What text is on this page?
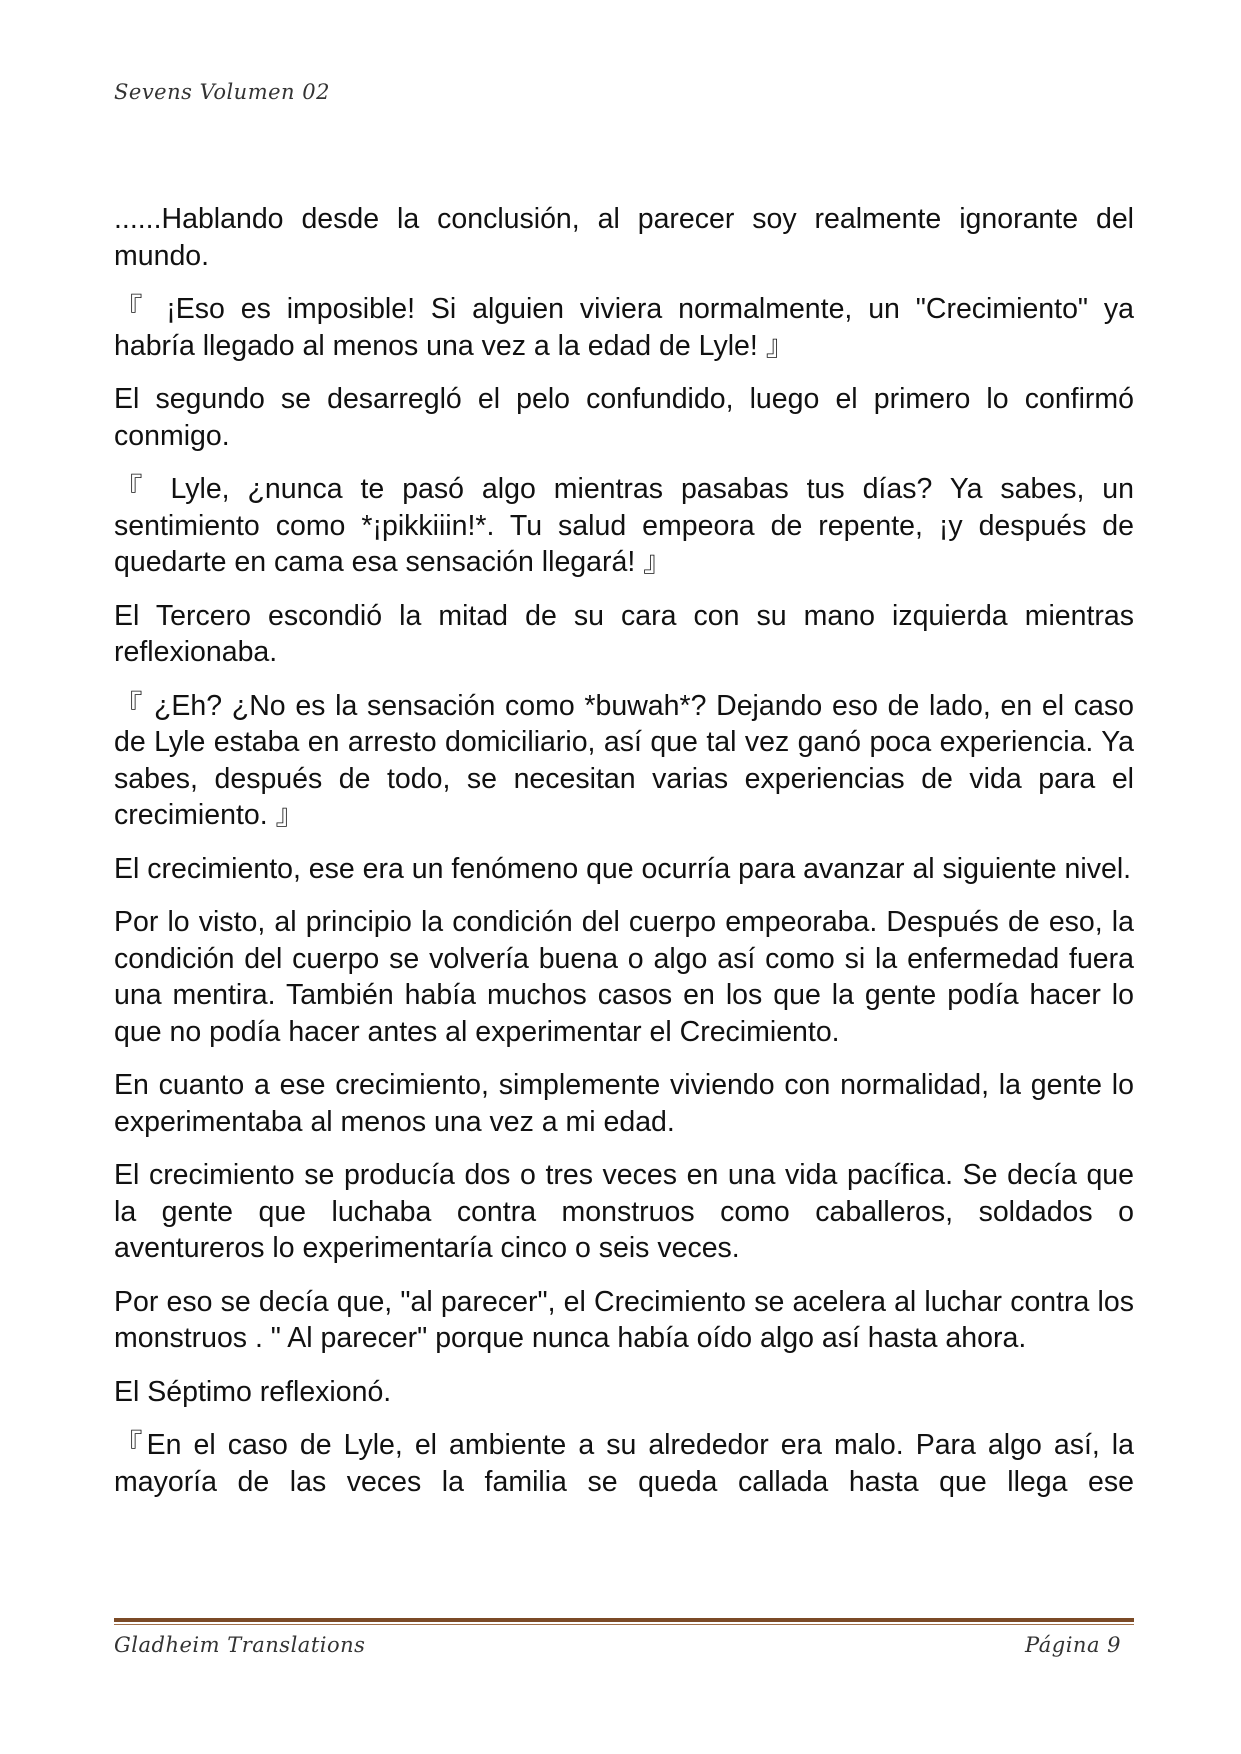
Sevens Volumen 02

......Hablando desde la conclusión, al parecer soy realmente ignorante del mundo.

『 ¡Eso es imposible! Si alguien viviera normalmente, un "Crecimiento" ya habría llegado al menos una vez a la edad de Lyle! 』

El segundo se desarregló el pelo confundido, luego el primero lo confirmó conmigo.

『 Lyle, ¿nunca te pasó algo mientras pasabas tus días? Ya sabes, un sentimiento como *¡pikkiiin!*. Tu salud empeora de repente, ¡y después de quedarte en cama esa sensación llegará! 』

El Tercero escondió la mitad de su cara con su mano izquierda mientras reflexionaba.

『 ¿Eh? ¿No es la sensación como *buwah*? Dejando eso de lado, en el caso de Lyle estaba en arresto domiciliario, así que tal vez ganó poca experiencia. Ya sabes, después de todo, se necesitan varias experiencias de vida para el crecimiento. 』

El crecimiento, ese era un fenómeno que ocurría para avanzar al siguiente nivel.

Por lo visto, al principio la condición del cuerpo empeoraba. Después de eso, la condición del cuerpo se volvería buena o algo así como si la enfermedad fuera una mentira. También había muchos casos en los que la gente podía hacer lo que no podía hacer antes al experimentar el Crecimiento.

En cuanto a ese crecimiento, simplemente viviendo con normalidad, la gente lo experimentaba al menos una vez a mi edad.

El crecimiento se producía dos o tres veces en una vida pacífica. Se decía que la gente que luchaba contra monstruos como caballeros, soldados o aventureros lo experimentaría cinco o seis veces.

Por eso se decía que, "al parecer", el Crecimiento se acelera al luchar contra los monstruos . " Al parecer" porque nunca había oído algo así hasta ahora.

El Séptimo reflexionó.

『En el caso de Lyle, el ambiente a su alrededor era malo. Para algo así, la mayoría de las veces la familia se queda callada hasta que llega ese

Gladheim Translations	Página 9
